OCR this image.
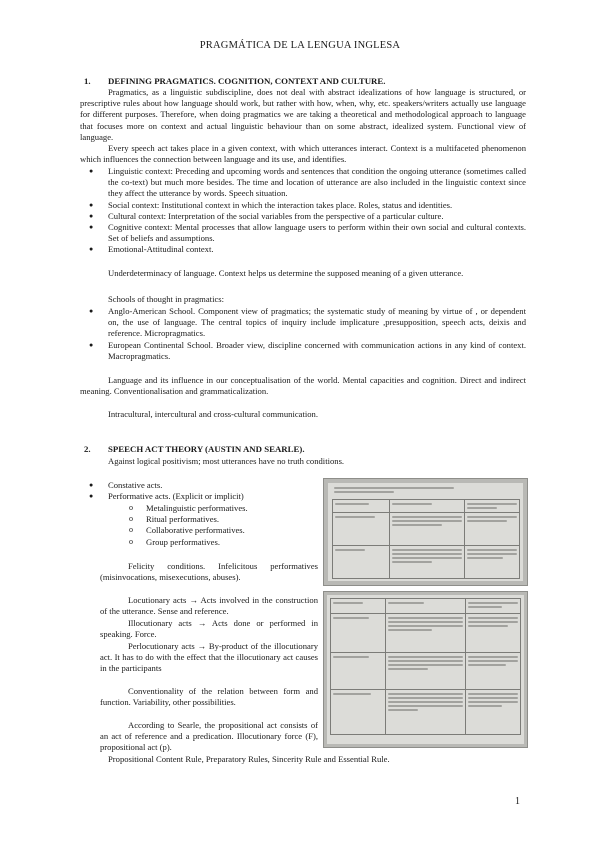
PRAGMÁTICA DE LA LENGUA INGLESA
1. DEFINING PRAGMATICS. COGNITION, CONTEXT AND CULTURE.

Pragmatics, as a linguistic subdiscipline, does not deal with abstract idealizations of how language is structured, or prescriptive rules about how language should work, but rather with how, when, why, etc. speakers/writers actually use language for different purposes. Therefore, when doing pragmatics we are taking a theoretical and methodological approach to language that focuses more on context and actual linguistic behaviour than on some abstract, idealized system. Functional view of language.

Every speech act takes place in a given context, with which utterances interact. Context is a multifaceted phenomenon which influences the connection between language and its use, and identifies.

● Linguistic context: Preceding and upcoming words and sentences that condition the ongoing utterance (sometimes called the co-text) but much more besides. The time and location of utterance are also included in the linguistic context since they affect the utterance by words. Speech situation.
● Social context: Institutional context in which the interaction takes place. Roles, status and identities.
● Cultural context: Interpretation of the social variables from the perspective of a particular culture.
● Cognitive context: Mental processes that allow language users to perform within their own social and cultural contexts. Set of beliefs and assumptions.
● Emotional-Attitudinal context.

Underdeterminacy of language. Context helps us determine the supposed meaning of a given utterance.

Schools of thought in pragmatics:

● Anglo-American School. Component view of pragmatics; the systematic study of meaning by virtue of , or dependent on, the use of language. The central topics of inquiry include implicature ,presupposition, speech acts, deixis and reference. Micropragmatics.
● European Continental School. Broader view, discipline concerned with communication actions in any kind of context. Macropragmatics.

Language and its influence in our conceptualisation of the world. Mental capacities and cognition. Direct and indirect meaning. Conventionalisation and grammaticalization.

Intracultural, intercultural and cross-cultural communication.

2. SPEECH ACT THEORY (AUSTIN AND SEARLE).

Against logical positivism; most utterances have no truth conditions.

● Constative acts.
● Performative acts. (Explicit or implicit)
o Metalinguistic performatives.
o Ritual performatives.
o Collaborative performatives.
o Group performatives.

Felicity conditions. Infelicitous performatives (misinvocations, misexecutions, abuses).

Locutionary acts → Acts involved in the construction of the utterance. Sense and reference.

Illocutionary acts → Acts done or performed in speaking. Force.

Perlocutionary acts → By-product of the illocutionary act. It has to do with the effect that the illocutionary act causes in the participants

Conventionality of the relation between form and function. Variability, other possibilities.

According to Searle, the propositional act consists of an act of reference and a predication. Illocutionary force (F), propositional act (p).

Propositional Content Rule, Preparatory Rules, Sincerity Rule and Essential Rule.

1
